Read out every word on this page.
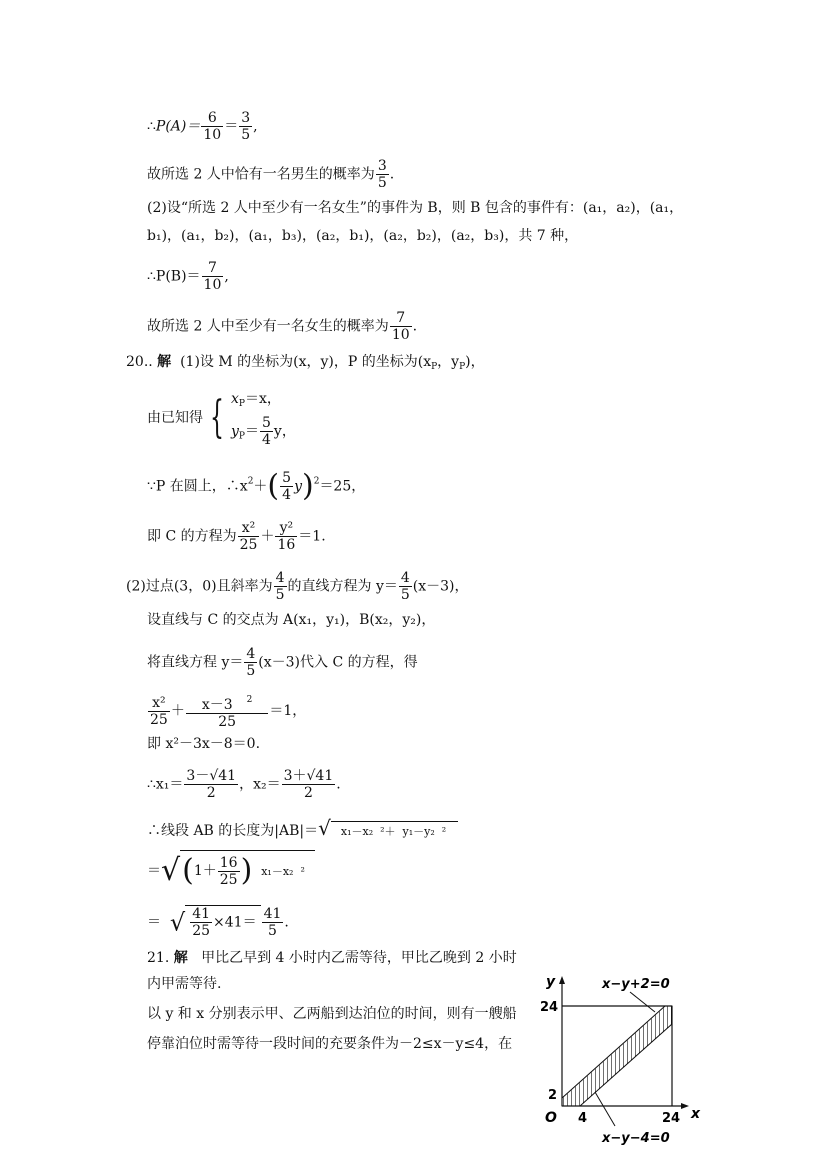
∴P(A)＝ $\frac{6}{10} = \frac{3}{5}$ ,
故所选 2 人中恰有一名男生的概率为 $\frac{3}{5}$ .
(2)设“所选 2 人中至少有一名女生”的事件为 B，则 B 包含的事件有：(a₁，a₂)，(a₁，
b₁)，(a₁，b₂)，(a₁，b₃)，(a₂，b₁)，(a₂，b₂)，(a₂，b₃)，共 7 种，
∴P(B)＝ $\frac{7}{10}$ ,
故所选 2 人中至少有一名女生的概率为 $\frac{7}{10}$ .
20.. 解 (1)设 M 的坐标为(x，y)，P 的坐标为($x_P$，$y_P$)，
由已知得 { $x_P=x$，
$y_P= \frac{5}{4}$ y，
∵P 在圆上，$\therefore x^2+( \frac{5}{4} y)^2=25$，
即 C 的方程为 $\frac{\text{x²}}{25} + \frac{\text{y²}}{16} =1$.
(2)过点(3，0)且斜率为 $\frac{4}{5}$ 的直线方程为 $y= \frac{4}{5} (x-3)$，
设直线与 C 的交点为 A(x₁，y₁)，B(x₂，y₂)，
将直线方程 $y= \frac{4}{5} (x-3)$代入 C 的方程，得
$\frac{\text{x²}}{25} + \frac{x-3 ^2}{25} =1$，
即 x²－3x－8＝0.
∴x₁＝ $\frac{3-√41}{2}$ ，$x_2= \frac{3+√41}{2}$ .
∴线段 AB 的长度为|AB|＝√ x₁－x₂  ²＋  y₁－y₂  ²
$=√(1+ \frac{16}{25}$ ) x₁－x₂  ²
＝ √ $\frac{41}{25} \times 41= \frac{41}{5}$ .
21. 解 甲比乙早到 4 小时内乙需等待，甲比乙晚到 2 小时
内甲需等待.
以 y 和 x 分别表示甲、乙两船到达泊位的时间，则有一艘船
停靠泊位时需等待一段时间的充要条件为－2≤x－y≤4，在
x−y+2=0
x−y−4=0
y
x
O
24
2
4	24
